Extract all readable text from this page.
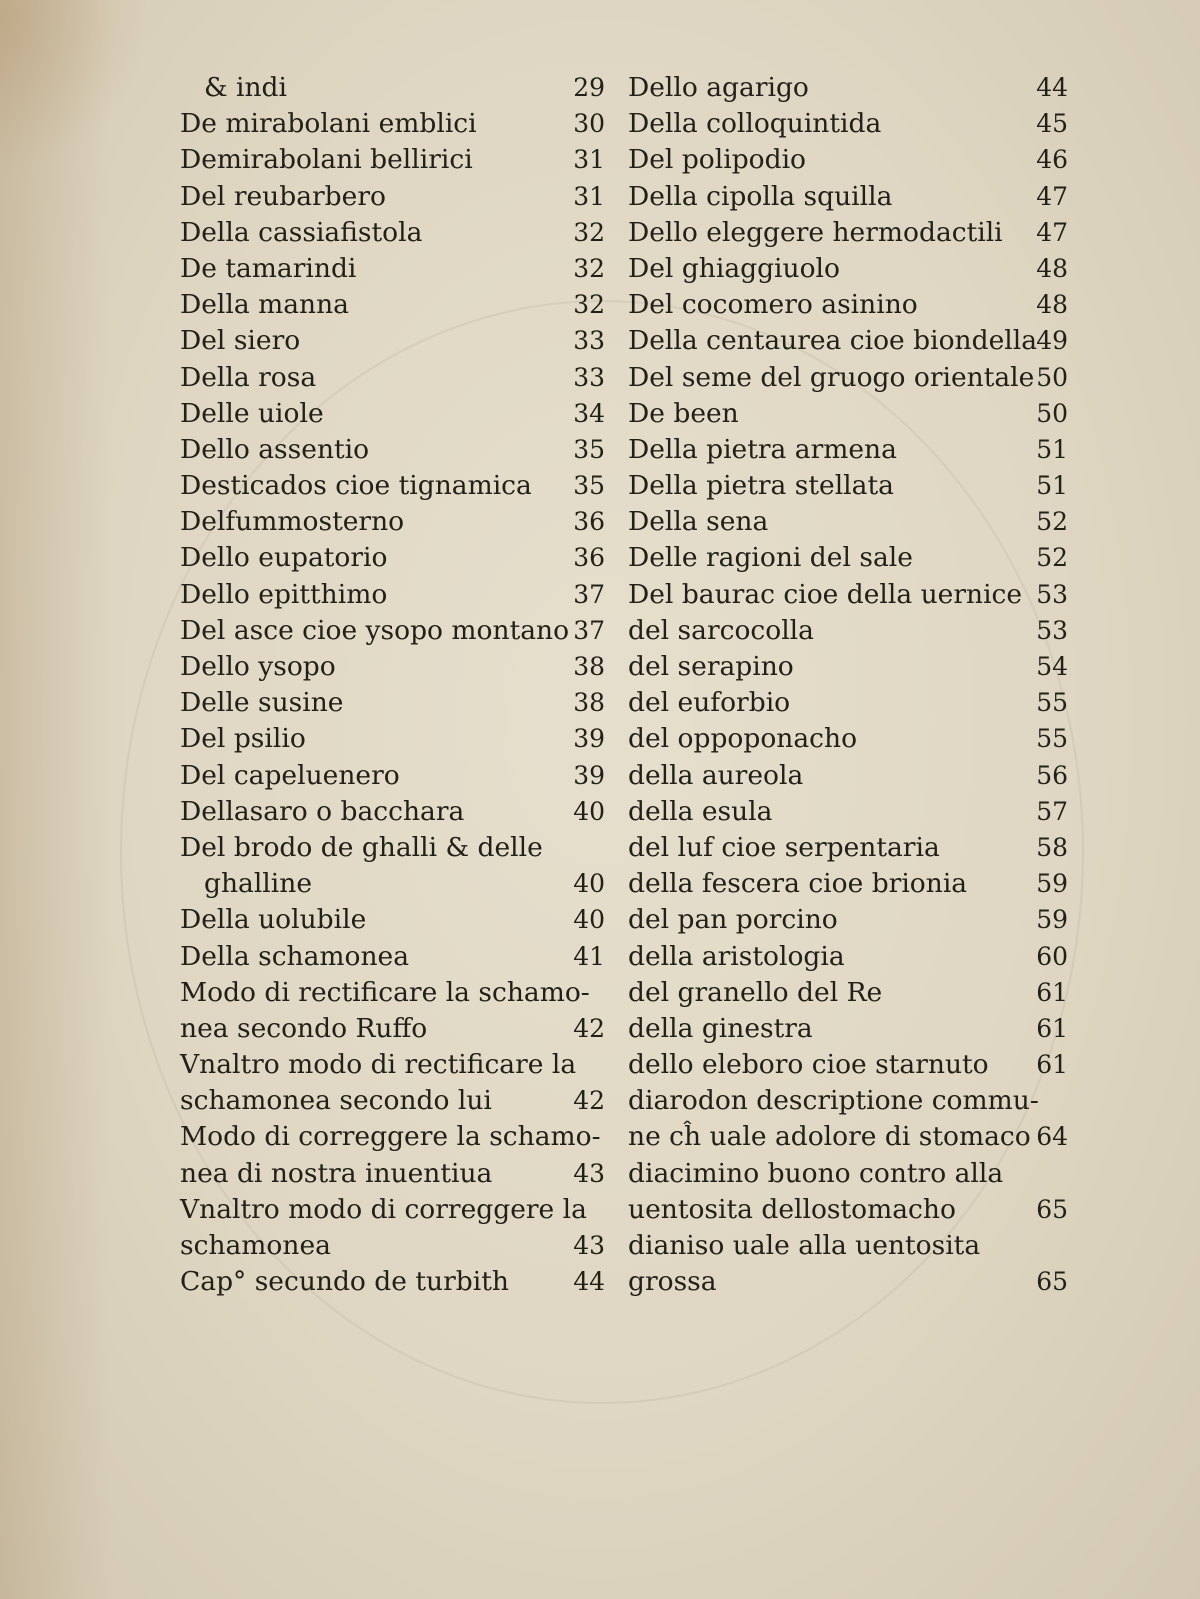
& indi	29
De mirabolani emblici	30
Demirabolani bellirici	31
Del reubarbero	31
Della cassiafistola	32
De tamarindi	32
Della manna	32
Del siero	33
Della rosa	33
Delle uiole	34
Dello assentio	35
Desticados cioe tignamica 35
Delfummosterno	36
Dello eupatorio	36
Dello epitthimo	37
Del asce cioe ysopo montano 37
Dello ysopo	38
Delle susine	38
Del psilio	39
Del capeluenero	39
Dellasaro o bacchara	40
Del brodo de ghalli & delle
ghalline	40
Della uolubile	40
Della schamonea	41
Modo di rectificare la schamo-
nea secondo Ruffo	42
Vnaltro modo di rectificare la
schamonea secondo lui	42
Modo di correggere la schamo-
nea di nostra inuentiua	43
Vnaltro modo di correggere la
schamonea	43
Cap° secundo de turbith	44
Dello agarigo	44
Della colloquintida	45
Del polipodio	46
Della cipolla squilla	47
Dello eleggere hermodactili 47
Del ghiaggiuolo	48
Del cocomero asinino	48
Della centaurea cioe biondella 49
Del seme del gruogo orientale 50
De been	50
Della pietra armena	51
Della pietra stellata	51
Della sena	52
Delle ragioni del sale	52
Del baurac cioe della uernice 53
del sarcocolla	53
del serapino	54
del euforbio	55
del oppoponacho	55
della aureola	56
della esula	57
del luf cioe serpentaria	58
della fescera cioe brionia	59
del pan porcino	59
della aristologia	60
del granello del Re	61
della ginestra	61
dello eleboro cioe starnuto 61
diarodon descriptione commu-
ne cĥ uale adolore di stomaco 64
diacimino buono contro alla
uentosita dellostomacho	65
dianiso uale alla uentosita
grossa	65
